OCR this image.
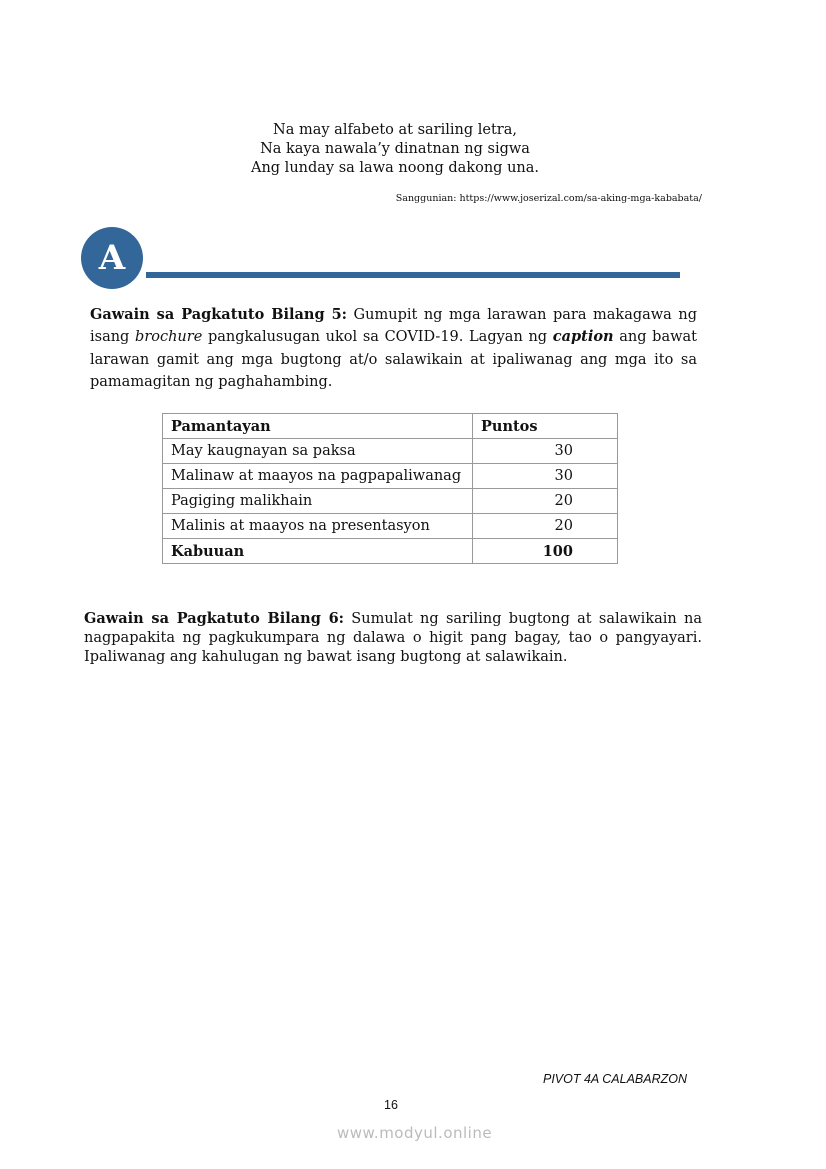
Na may alfabeto at sariling letra,
Na kaya nawala’y dinatnan ng sigwa
Ang lunday sa lawa noong dakong una.
Sanggunian: https://www.joserizal.com/sa-aking-mga-kababata/
A
Gawain sa Pagkatuto Bilang 5: Gumupit ng mga larawan para makagawa ng isang brochure pangkalusugan ukol sa COVID-19. Lagyan ng caption ang bawat larawan gamit ang mga bugtong at/o salawikain at ipaliwanag ang mga ito sa pamamagitan ng paghahambing.
Pamantayan	Puntos
May kaugnayan sa paksa	30
Malinaw at maayos na pagpapaliwanag	30
Pagiging malikhain	20
Malinis at maayos na presentasyon	20
Kabuuan	100
Gawain sa Pagkatuto Bilang 6: Sumulat ng sariling bugtong at salawikain na nagpapakita ng pagkukumpara ng dalawa o higit pang bagay, tao o pangyayari. Ipaliwanag ang kahulugan ng bawat isang bugtong at salawikain.
PIVOT 4A CALABARZON
16
www.modyul.online
